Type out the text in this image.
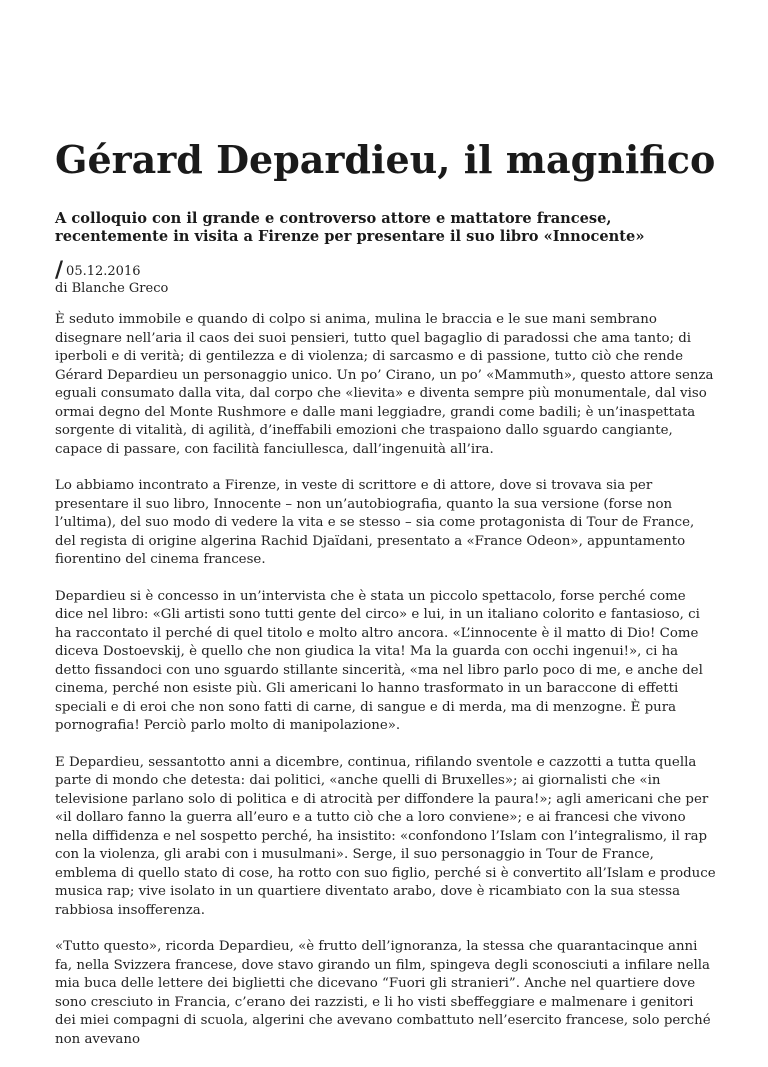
Gérard Depardieu, il magnifico

A colloquio con il grande e controverso attore e mattatore francese, recentemente in visita a Firenze per presentare il suo libro «Innocente»

/ 05.12.2016
di Blanche Greco

È seduto immobile e quando di colpo si anima, mulina le braccia e le sue mani sembrano disegnare nell’aria il caos dei suoi pensieri, tutto quel bagaglio di paradossi che ama tanto; di iperboli e di verità; di gentilezza e di violenza; di sarcasmo e di passione, tutto ciò che rende Gérard Depardieu un personaggio unico. Un po’ Cirano, un po’ «Mammuth», questo attore senza eguali consumato dalla vita, dal corpo che «lievita» e diventa sempre più monumentale, dal viso ormai degno del Monte Rushmore e dalle mani leggiadre, grandi come badili; è un’inaspettata sorgente di vitalità, di agilità, d’ineffabili emozioni che traspaiono dallo sguardo cangiante, capace di passare, con facilità fanciullesca, dall’ingenuità all’ira.

Lo abbiamo incontrato a Firenze, in veste di scrittore e di attore, dove si trovava sia per presentare il suo libro, Innocente – non un’autobiografia, quanto la sua versione (forse non l’ultima), del suo modo di vedere la vita e se stesso – sia come protagonista di Tour de France, del regista di origine algerina Rachid Djaïdani, presentato a «France Odeon», appuntamento fiorentino del cinema francese.

Depardieu si è concesso in un’intervista che è stata un piccolo spettacolo, forse perché come dice nel libro: «Gli artisti sono tutti gente del circo» e lui, in un italiano colorito e fantasioso, ci ha raccontato il perché di quel titolo e molto altro ancora. «L’innocente è il matto di Dio! Come diceva Dostoevskij, è quello che non giudica la vita! Ma la guarda con occhi ingenui!», ci ha detto fissandoci con uno sguardo stillante sincerità, «ma nel libro parlo poco di me, e anche del cinema, perché non esiste più. Gli americani lo hanno trasformato in un baraccone di effetti speciali e di eroi che non sono fatti di carne, di sangue e di merda, ma di menzogne. È pura pornografia! Perciò parlo molto di manipolazione».

E Depardieu, sessantotto anni a dicembre, continua, rifilando sventole e cazzotti a tutta quella parte di mondo che detesta: dai politici, «anche quelli di Bruxelles»; ai giornalisti che «in televisione parlano solo di politica e di atrocità per diffondere la paura!»; agli americani che per «il dollaro fanno la guerra all’euro e a tutto ciò che a loro conviene»; e ai francesi che vivono nella diffidenza e nel sospetto perché, ha insistito: «confondono l’Islam con l’integralismo, il rap con la violenza, gli arabi con i musulmani». Serge, il suo personaggio in Tour de France, emblema di quello stato di cose, ha rotto con suo figlio, perché si è convertito all’Islam e produce musica rap; vive isolato in un quartiere diventato arabo, dove è ricambiato con la sua stessa rabbiosa insofferenza.

«Tutto questo», ricorda Depardieu, «è frutto dell’ignoranza, la stessa che quarantacinque anni fa, nella Svizzera francese, dove stavo girando un film, spingeva degli sconosciuti a infilare nella mia buca delle lettere dei biglietti che dicevano “Fuori gli stranieri”. Anche nel quartiere dove sono cresciuto in Francia, c’erano dei razzisti, e li ho visti sbeffeggiare e malmenare i genitori dei miei compagni di scuola, algerini che avevano combattuto nell’esercito francese, solo perché non avevano
